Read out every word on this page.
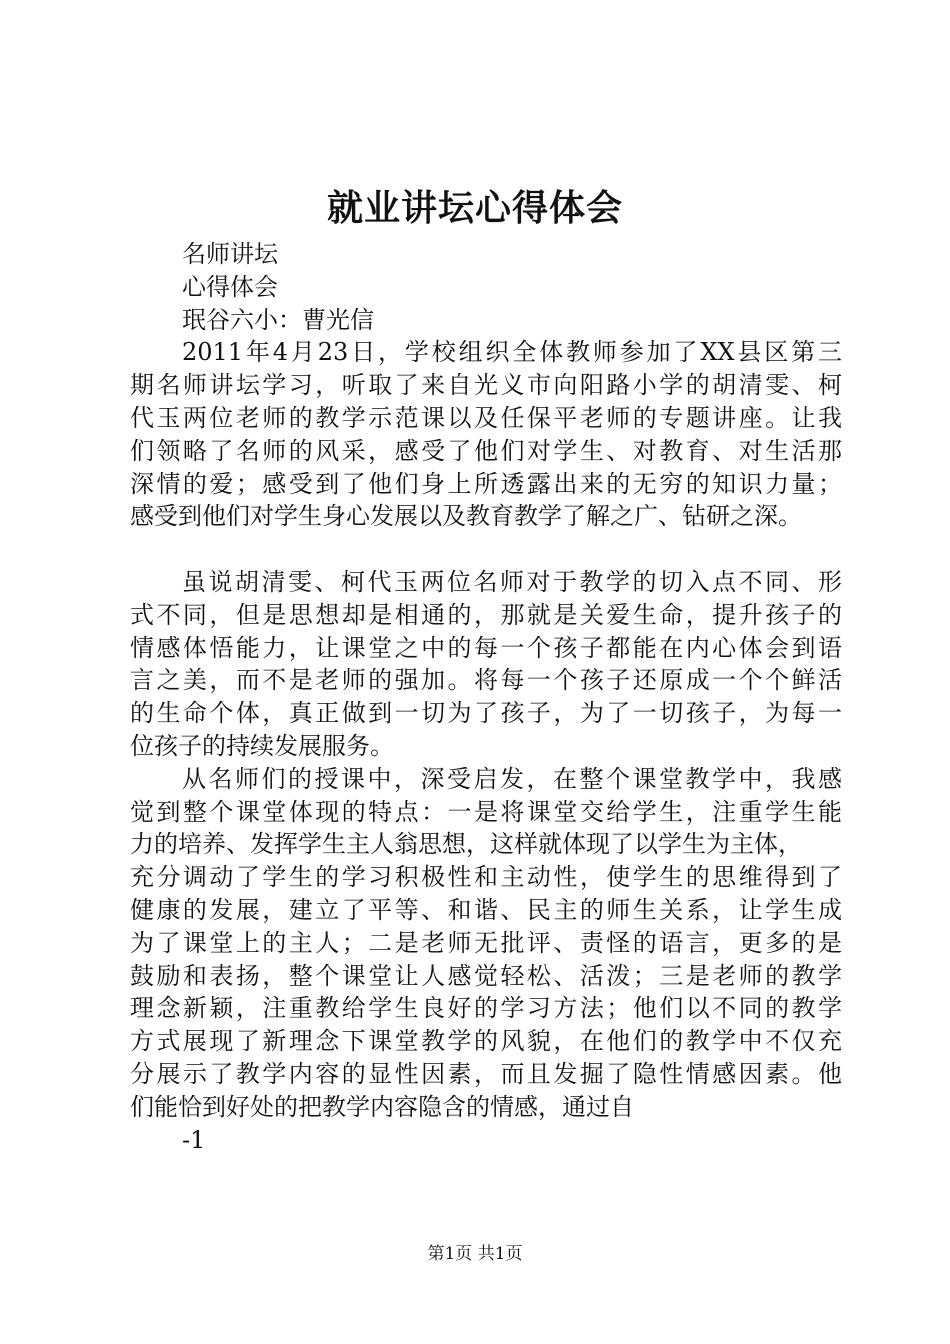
就业讲坛心得体会
名师讲坛
心得体会
珉谷六小：曹光信
2011年4月23日，学校组织全体教师参加了XX县区第三
期名师讲坛学习，听取了来自光义市向阳路小学的胡清雯、柯
代玉两位老师的教学示范课以及任保平老师的专题讲座。让我
们领略了名师的风采，感受了他们对学生、对教育、对生活那
深情的爱；感受到了他们身上所透露出来的无穷的知识力量；
感受到他们对学生身心发展以及教育教学了解之广、钻研之深。
虽说胡清雯、柯代玉两位名师对于教学的切入点不同、形
式不同，但是思想却是相通的，那就是关爱生命，提升孩子的
情感体悟能力，让课堂之中的每一个孩子都能在内心体会到语
言之美，而不是老师的强加。将每一个孩子还原成一个个鲜活
的生命个体，真正做到一切为了孩子，为了一切孩子，为每一
位孩子的持续发展服务。
从名师们的授课中，深受启发，在整个课堂教学中，我感
觉到整个课堂体现的特点：一是将课堂交给学生，注重学生能
力的培养、发挥学生主人翁思想，这样就体现了以学生为主体，
充分调动了学生的学习积极性和主动性，使学生的思维得到了
健康的发展，建立了平等、和谐、民主的师生关系，让学生成
为了课堂上的主人；二是老师无批评、责怪的语言，更多的是
鼓励和表扬，整个课堂让人感觉轻松、活泼；三是老师的教学
理念新颖，注重教给学生良好的学习方法；他们以不同的教学
方式展现了新理念下课堂教学的风貌，在他们的教学中不仅充
分展示了教学内容的显性因素，而且发掘了隐性情感因素。他
们能恰到好处的把教学内容隐含的情感，通过自
-1
第1页 共1页
